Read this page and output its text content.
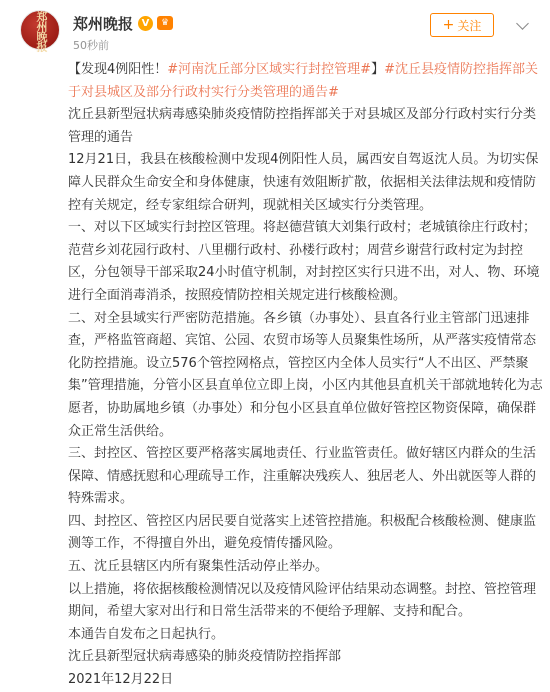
郑州晚报	郑州晚报 V	♛
50秒前
+ 关注

【发现4例阳性！#河南沈丘部分区域实行封控管理#】#沈丘县疫情防控指挥部关于对县城区及部分行政村实行分类管理的通告#

沈丘县新型冠状病毒感染肺炎疫情防控指挥部关于对县城区及部分行政村实行分类管理的通告

12月21日，我县在核酸检测中发现4例阳性人员，属西安自驾返沈人员。为切实保障人民群众生命安全和身体健康，快速有效阻断扩散，依据相关法律法规和疫情防控有关规定，经专家组综合研判，现就相关区域实行分类管理。

一、对以下区域实行封控区管理。将赵德营镇大刘集行政村；老城镇徐庄行政村；范营乡刘花园行政村、八里棚行政村、孙楼行政村；周营乡谢营行政村定为封控区，分包领导干部采取24小时值守机制，对封控区实行只进不出，对人、物、环境进行全面消毒消杀，按照疫情防控相关规定进行核酸检测。

二、对全县域实行严密防范措施。各乡镇（办事处）、县直各行业主管部门迅速排查，严格监管商超、宾馆、公园、农贸市场等人员聚集性场所，从严落实疫情常态化防控措施。设立576个管控网格点，管控区内全体人员实行“人不出区、严禁聚集”管理措施，分管小区县直单位立即上岗，小区内其他县直机关干部就地转化为志愿者，协助属地乡镇（办事处）和分包小区县直单位做好管控区物资保障，确保群众正常生活供给。

三、封控区、管控区要严格落实属地责任、行业监管责任。做好辖区内群众的生活保障、情感抚慰和心理疏导工作，注重解决残疾人、独居老人、外出就医等人群的特殊需求。

四、封控区、管控区内居民要自觉落实上述管控措施。积极配合核酸检测、健康监测等工作，不得擅自外出，避免疫情传播风险。

五、沈丘县辖区内所有聚集性活动停止举办。

以上措施，将依据核酸检测情况以及疫情风险评估结果动态调整。封控、管控管理期间，希望大家对出行和日常生活带来的不便给予理解、支持和配合。

本通告自发布之日起执行。

沈丘县新型冠状病毒感染的肺炎疫情防控指挥部

2021年12月22日
